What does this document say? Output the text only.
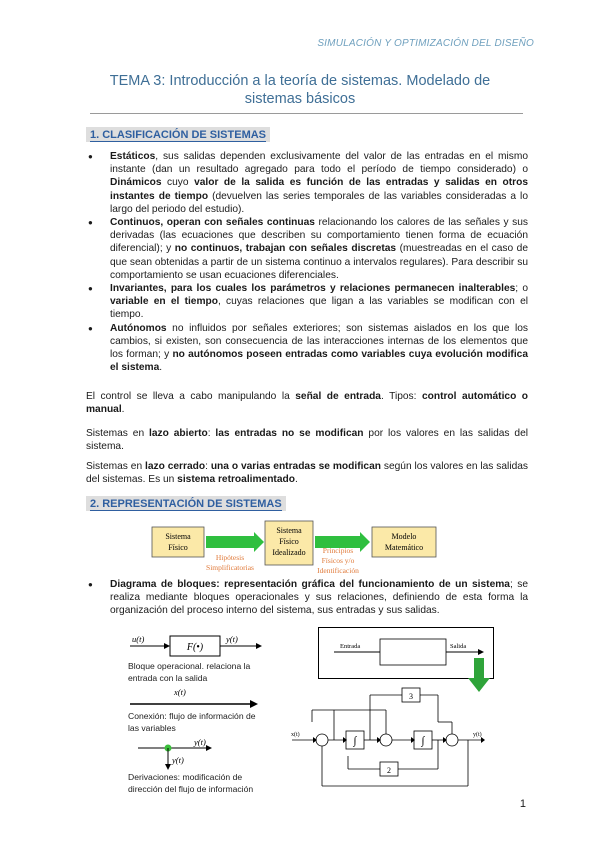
SIMULACIÓN Y OPTIMIZACIÓN DEL DISEÑO
TEMA 3: Introducción a la teoría de sistemas. Modelado de
sistemas básicos
1. CLASIFICACIÓN DE SISTEMAS
● Estáticos, sus salidas dependen exclusivamente del valor de las entradas en el mismo instante (dan un resultado agregado para todo el período de tiempo considerado) o Dinámicos cuyo valor de la salida es función de las entradas y salidas en otros instantes de tiempo (devuelven las series temporales de las variables consideradas a lo largo del periodo del estudio).
● Continuos, operan con señales continuas relacionando los calores de las señales y sus derivadas (las ecuaciones que describen su comportamiento tienen forma de ecuación diferencial); y no continuos, trabajan con señales discretas (muestreadas en el caso de que sean obtenidas a partir de un sistema continuo a intervalos regulares). Para describir su comportamiento se usan ecuaciones diferenciales.
● Invariantes, para los cuales los parámetros y relaciones permanecen inalterables; o variable en el tiempo, cuyas relaciones que ligan a las variables se modifican con el tiempo.
● Autónomos no influidos por señales exteriores; son sistemas aislados en los que los cambios, si existen, son consecuencia de las interacciones internas de los elementos que los forman; y no autónomos poseen entradas como variables cuya evolución modifica el sistema.
El control se lleva a cabo manipulando la señal de entrada. Tipos: control automático o manual.
Sistemas en lazo abierto: las entradas no se modifican por los valores en las salidas del sistema.
Sistemas en lazo cerrado: una o varias entradas se modifican según los valores en las salidas del sistemas. Es un sistema retroalimentado.
2. REPRESENTACIÓN DE SISTEMAS
Sistema
Físico
Hipótesis
Simplificatorias
Sistema
Físico
Idealizado Principios
Físicos y/o
Identificación
Modelo
Matemático
● Diagrama de bloques: representación gráfica del funcionamiento de un sistema; se realiza mediante bloques operacionales y sus relaciones, definiendo de esta forma la organización del proceso interno del sistema, sus entradas y sus salidas.
u(t)
F(•)
y(t)
Bloque operacional. relaciona la entrada con la salida
x(t)
Conexión: flujo de información de las variables
y(t)
y(t)
Derivaciones: modificación de dirección del flujo de información
Entrada	Salida
x(t)	y(t)
3
2
∫	∫
1
